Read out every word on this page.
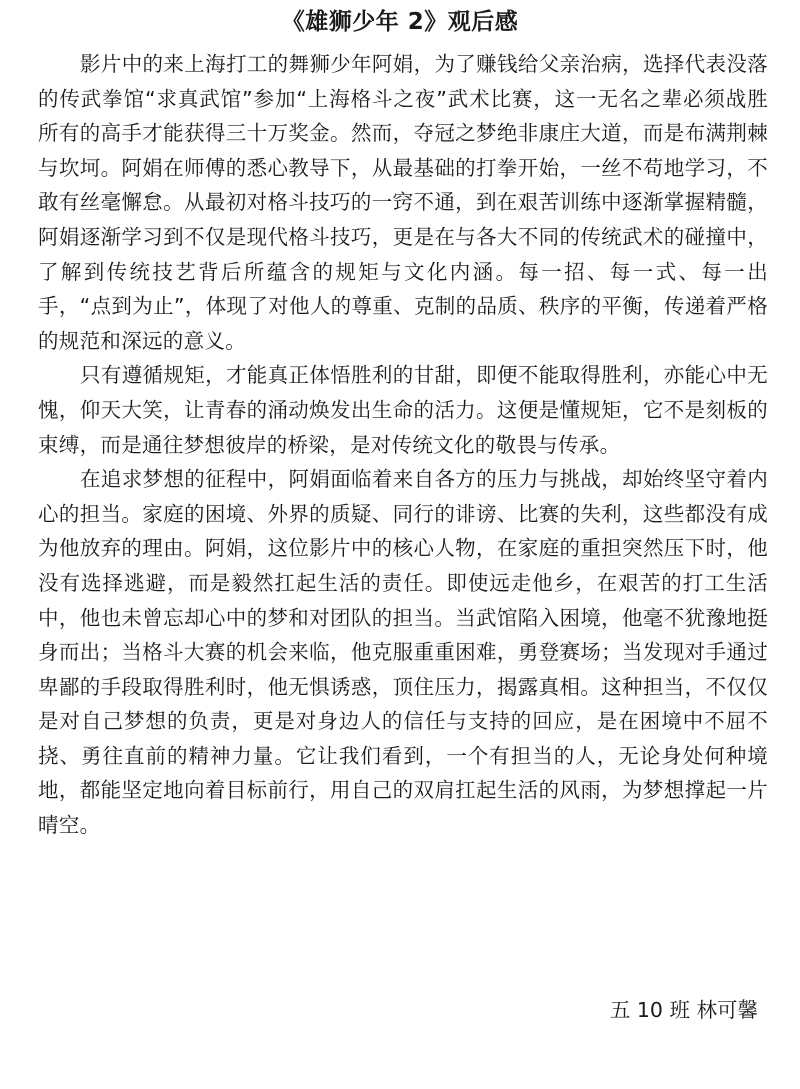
《雄狮少年 2》观后感

影片中的来上海打工的舞狮少年阿娟，为了赚钱给父亲治病，选择代表没落的传武拳馆“求真武馆”参加“上海格斗之夜”武术比赛，这一无名之辈必须战胜所有的高手才能获得三十万奖金。然而，夺冠之梦绝非康庄大道，而是布满荆棘与坎坷。阿娟在师傅的悉心教导下，从最基础的打拳开始，一丝不苟地学习，不敢有丝毫懈怠。从最初对格斗技巧的一窍不通，到在艰苦训练中逐渐掌握精髓，阿娟逐渐学习到不仅是现代格斗技巧，更是在与各大不同的传统武术的碰撞中，了解到传统技艺背后所蕴含的规矩与文化内涵。每一招、每一式、每一出手，“点到为止”，体现了对他人的尊重、克制的品质、秩序的平衡，传递着严格的规范和深远的意义。

只有遵循规矩，才能真正体悟胜利的甘甜，即便不能取得胜利，亦能心中无愧，仰天大笑，让青春的涌动焕发出生命的活力。这便是懂规矩，它不是刻板的束缚，而是通往梦想彼岸的桥梁，是对传统文化的敬畏与传承。

在追求梦想的征程中，阿娟面临着来自各方的压力与挑战，却始终坚守着内心的担当。家庭的困境、外界的质疑、同行的诽谤、比赛的失利，这些都没有成为他放弃的理由。阿娟，这位影片中的核心人物，在家庭的重担突然压下时，他没有选择逃避，而是毅然扛起生活的责任。即使远走他乡，在艰苦的打工生活中，他也未曾忘却心中的梦和对团队的担当。当武馆陷入困境，他毫不犹豫地挺身而出；当格斗大赛的机会来临，他克服重重困难，勇登赛场；当发现对手通过卑鄙的手段取得胜利时，他无惧诱惑，顶住压力，揭露真相。这种担当，不仅仅是对自己梦想的负责，更是对身边人的信任与支持的回应，是在困境中不屈不挠、勇往直前的精神力量。它让我们看到，一个有担当的人，无论身处何种境地，都能坚定地向着目标前行，用自己的双肩扛起生活的风雨，为梦想撑起一片晴空。

五 10 班 林可馨
